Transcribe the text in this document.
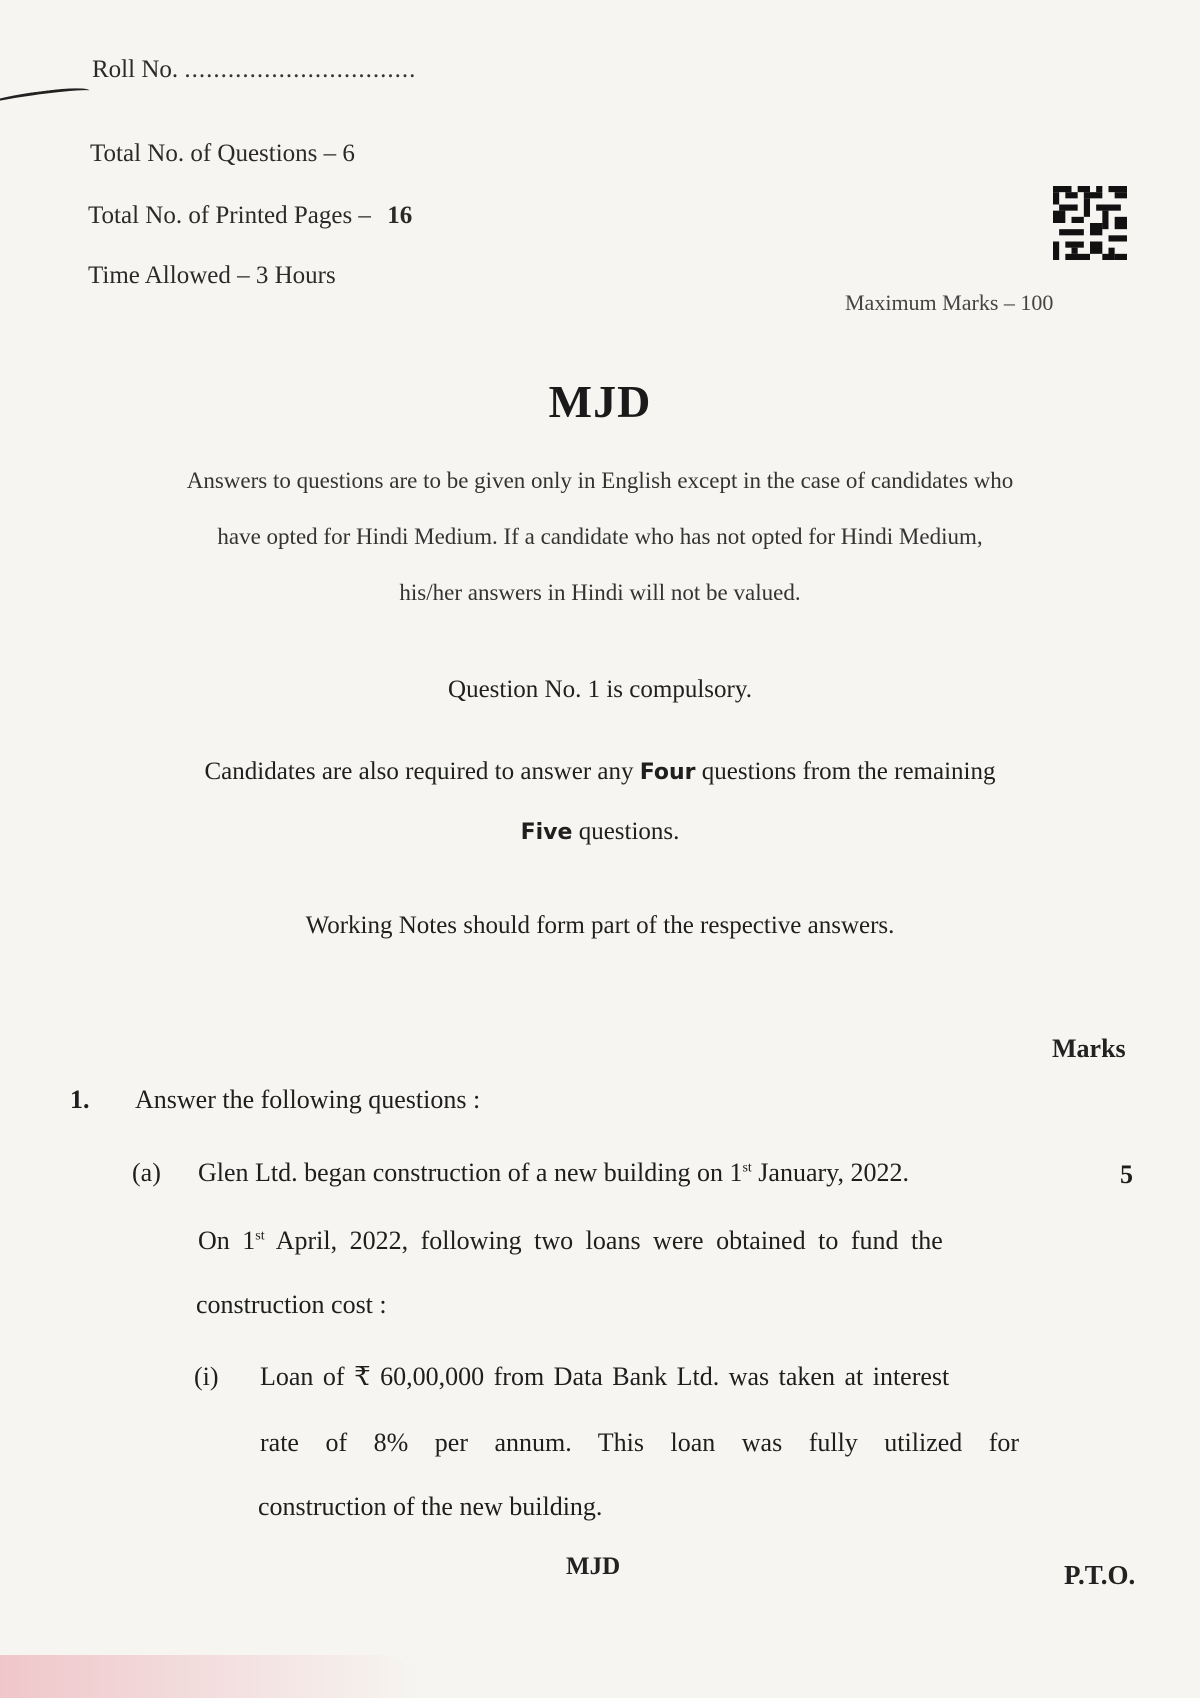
Roll No. ................................
Total No. of Questions – 6
Total No. of Printed Pages – 16
Time Allowed – 3 Hours
Maximum Marks – 100
MJD
Answers to questions are to be given only in English except in the case of candidates who
have opted for Hindi Medium. If a candidate who has not opted for Hindi Medium,
his/her answers in Hindi will not be valued.
Question No. 1 is compulsory.
Candidates are also required to answer any Four questions from the remaining
Five questions.
Working Notes should form part of the respective answers.
Marks
1. Answer the following questions :
(a) Glen Ltd. began construction of a new building on 1st January, 2022.	5
On 1st April, 2022, following two loans were obtained to fund the
construction cost :
(i) Loan of ₹ 60,00,000 from Data Bank Ltd. was taken at interest
rate of 8% per annum. This loan was fully utilized for
construction of the new building.
MJD	P.T.O.
